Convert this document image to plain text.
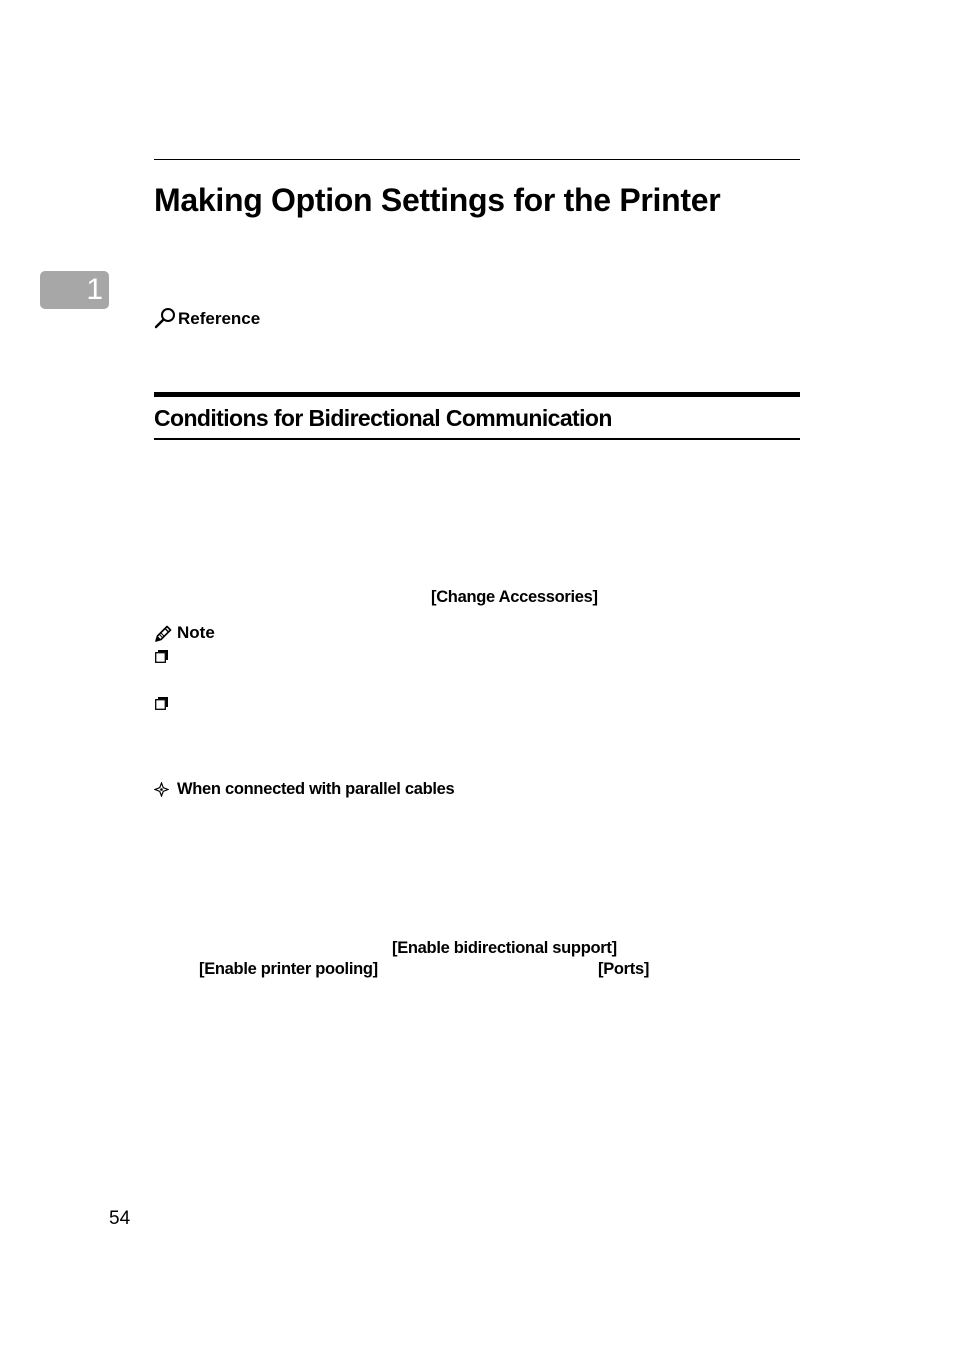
Making Option Settings for the Printer
1
Reference
Conditions for Bidirectional Communication
[Change Accessories]
Note
When connected with parallel cables
[Enable bidirectional support]
[Enable printer pooling]	[Ports]
54
